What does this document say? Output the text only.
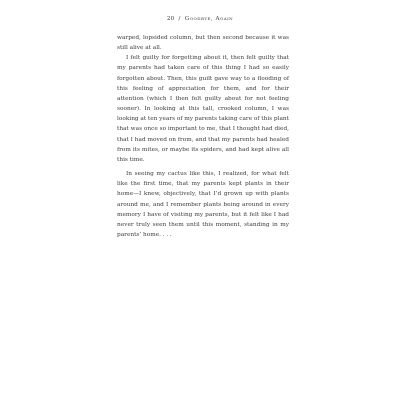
20 / Goodbye, Again

warped, lopsided column, but then second because it was still alive at all.

I felt guilty for forgetting about it, then felt guilty that my parents had taken care of this thing I had so easily forgotten about. Then, this guilt gave way to a flooding of this feeling of appreciation for them, and for their attention (which I then felt guilty about for not feeling sooner). In looking at this tall, crooked column, I was looking at ten years of my parents taking care of this plant that was once so important to me, that I thought had died, that I had moved on from, and that my parents had healed from its mites, or maybe its spiders, and had kept alive all this time.

In seeing my cactus like this, I realized, for what felt like the first time, that my parents kept plants in their home—I knew, objectively, that I’d grown up with plants around me, and I remember plants being around in every memory I have of visiting my parents, but it felt like I had never truly seen them until this moment, standing in my parents’ home. . . .
